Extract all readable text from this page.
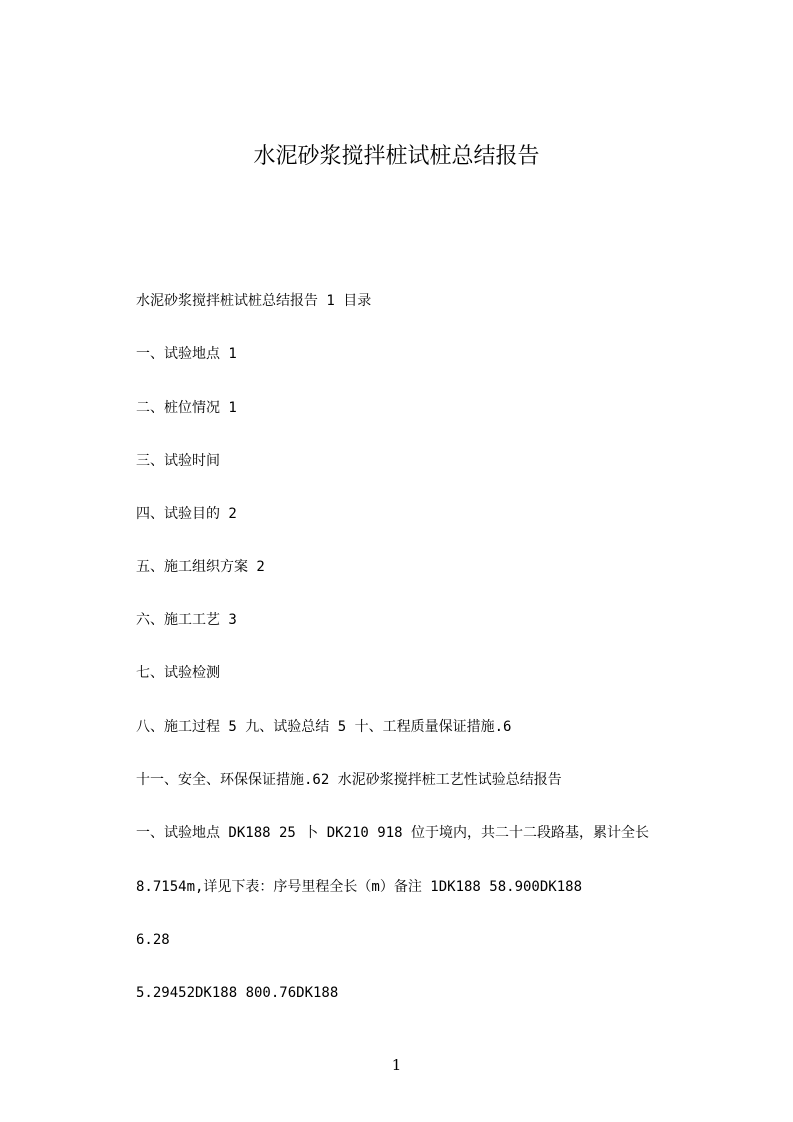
水泥砂浆搅拌桩试桩总结报告
水泥砂浆搅拌桩试桩总结报告 1 目录
一、试验地点 1
二、桩位情况 1
三、试验时间
四、试验目的 2
五、施工组织方案 2
六、施工工艺 3
七、试验检测
八、施工过程 5 九、试验总结 5 十、工程质量保证措施.6
十一、安全、环保保证措施.62 水泥砂浆搅拌桩工艺性试验总结报告
一、试验地点 DK188 25 卜 DK210 918 位于境内，共二十二段路基，累计全长
8.7154m,详见下表：序号里程全长（m）备注 1DK188 58.900DK188
6.28
5.29452DK188 800.76DK188
1
